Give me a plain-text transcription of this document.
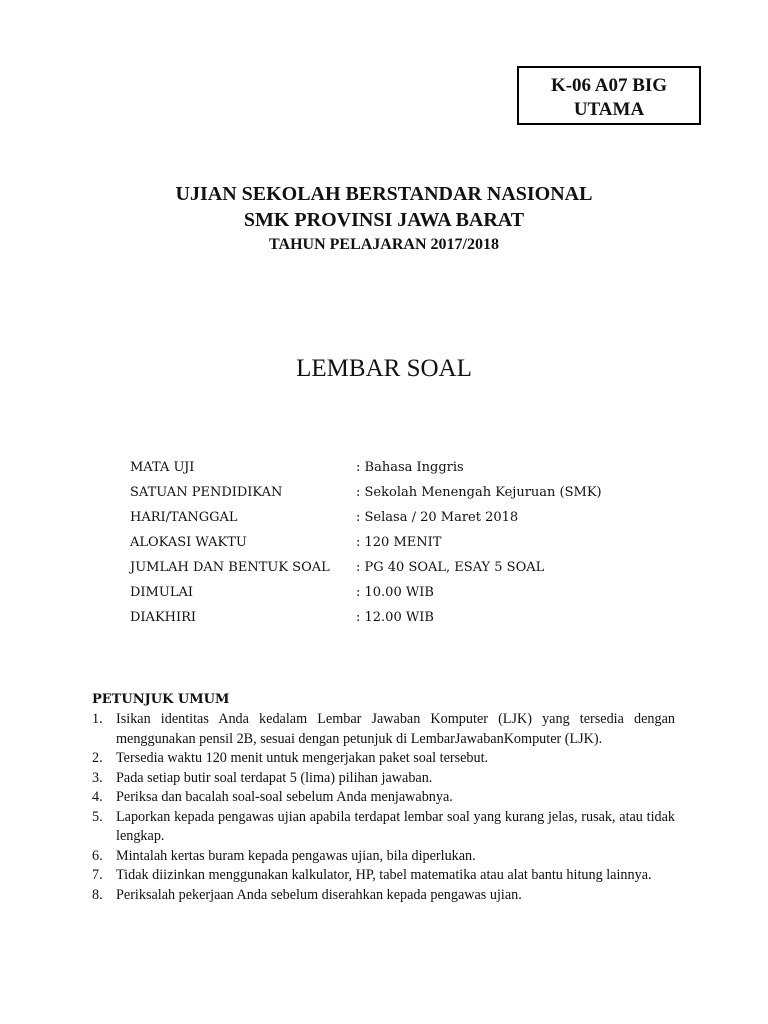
K-06 A07 BIG
UTAMA
UJIAN SEKOLAH BERSTANDAR NASIONAL
SMK PROVINSI JAWA BARAT
TAHUN PELAJARAN 2017/2018
LEMBAR SOAL
MATA UJI	: Bahasa Inggris
SATUAN PENDIDIKAN	: Sekolah Menengah Kejuruan (SMK)
HARI/TANGGAL	: Selasa / 20 Maret 2018
ALOKASI WAKTU	: 120 MENIT
JUMLAH DAN BENTUK SOAL : PG 40 SOAL, ESAY 5 SOAL
DIMULAI	: 10.00 WIB
DIAKHIRI	: 12.00 WIB
PETUNJUK UMUM
1. Isikan identitas Anda kedalam Lembar Jawaban Komputer (LJK) yang tersedia dengan menggunakan pensil 2B, sesuai dengan petunjuk di LembarJawabanKomputer (LJK).
2. Tersedia waktu 120 menit untuk mengerjakan paket soal tersebut.
3. Pada setiap butir soal terdapat 5 (lima) pilihan jawaban.
4. Periksa dan bacalah soal-soal sebelum Anda menjawabnya.
5. Laporkan kepada pengawas ujian apabila terdapat lembar soal yang kurang jelas, rusak, atau tidak lengkap.
6. Mintalah kertas buram kepada pengawas ujian, bila diperlukan.
7. Tidak diizinkan menggunakan kalkulator, HP, tabel matematika atau alat bantu hitung lainnya.
8. Periksalah pekerjaan Anda sebelum diserahkan kepada pengawas ujian.
